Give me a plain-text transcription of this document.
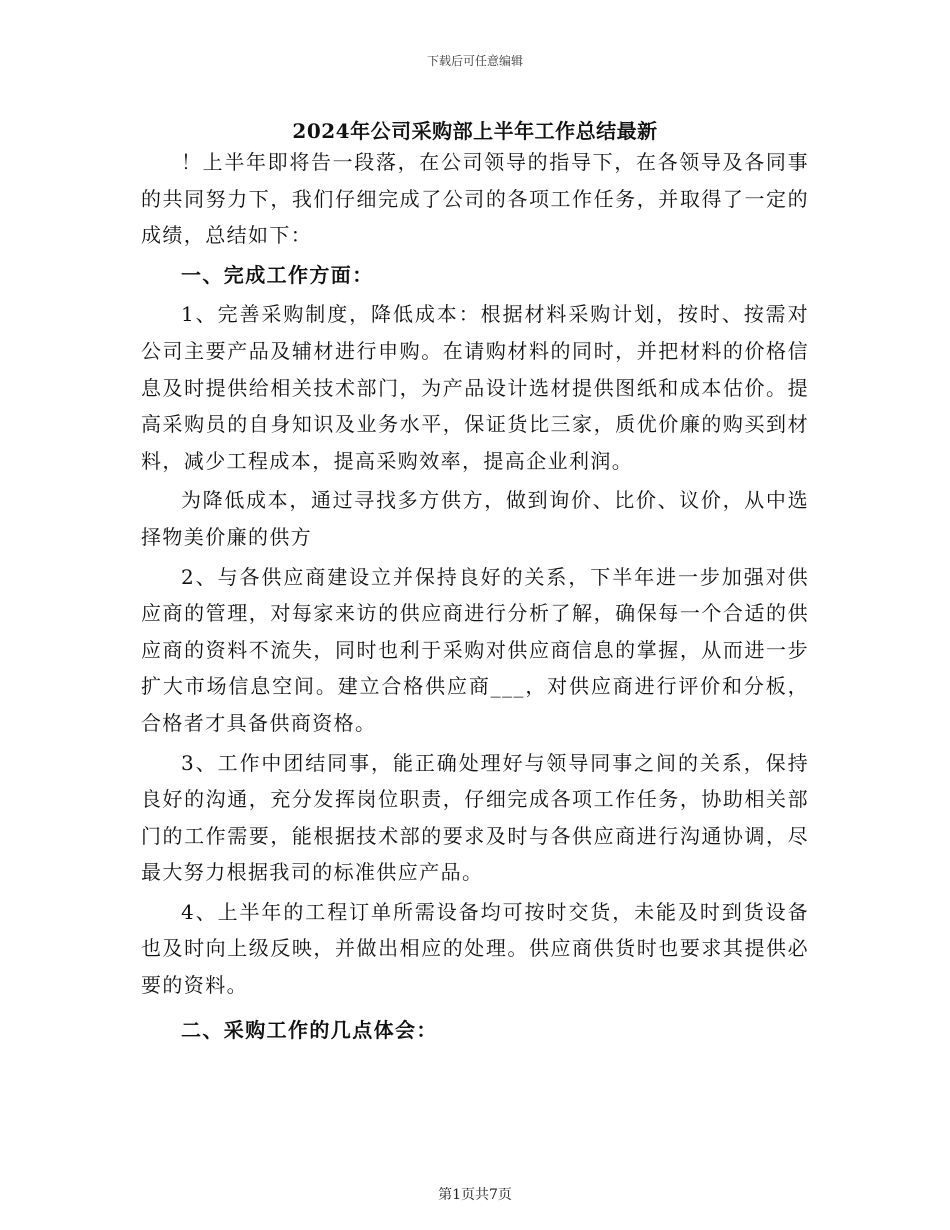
下载后可任意编辑
2024年公司采购部上半年工作总结最新

！上半年即将告一段落，在公司领导的指导下，在各领导及各同事的共同努力下，我们仔细完成了公司的各项工作任务，并取得了一定的成绩，总结如下：

一、完成工作方面：

1、完善采购制度，降低成本：根据材料采购计划，按时、按需对公司主要产品及辅材进行申购。在请购材料的同时，并把材料的价格信息及时提供给相关技术部门，为产品设计选材提供图纸和成本估价。提高采购员的自身知识及业务水平，保证货比三家，质优价廉的购买到材料，减少工程成本，提高采购效率，提高企业利润。

为降低成本，通过寻找多方供方，做到询价、比价、议价，从中选择物美价廉的供方

2、与各供应商建设立并保持良好的关系，下半年进一步加强对供应商的管理，对每家来访的供应商进行分析了解，确保每一个合适的供应商的资料不流失，同时也利于采购对供应商信息的掌握，从而进一步扩大市场信息空间。建立合格供应商___，对供应商进行评价和分板，合格者才具备供商资格。

3、工作中团结同事，能正确处理好与领导同事之间的关系，保持良好的沟通，充分发挥岗位职责，仔细完成各项工作任务，协助相关部门的工作需要，能根据技术部的要求及时与各供应商进行沟通协调，尽最大努力根据我司的标准供应产品。

4、上半年的工程订单所需设备均可按时交货，未能及时到货设备也及时向上级反映，并做出相应的处理。供应商供货时也要求其提供必要的资料。

二、采购工作的几点体会：
第1页共7页
